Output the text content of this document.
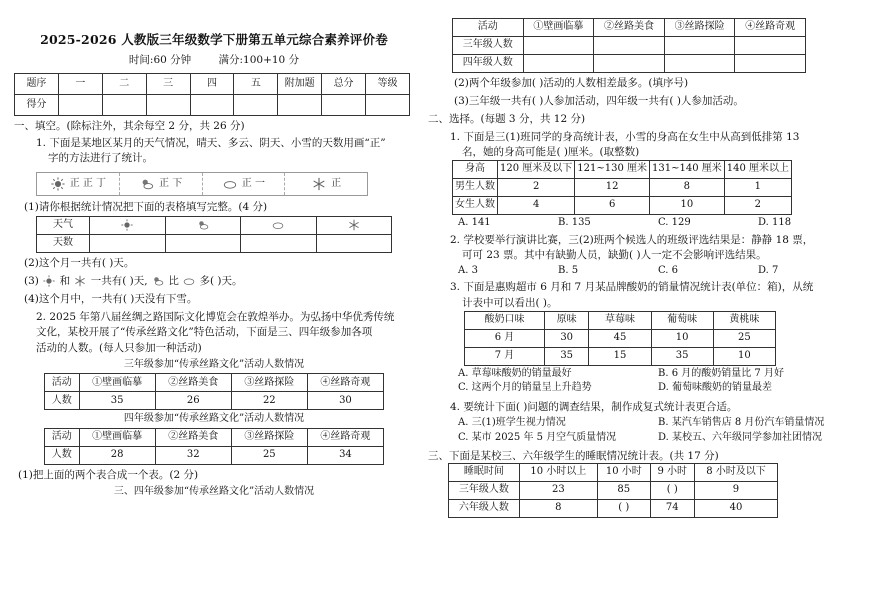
2025-2026 人教版三年级数学下册第五单元综合素养评价卷
时间:60 分钟	满分:100+10 分
题序	一	二	三	四	五	附加题	总分	等级
得分								
一、填空。(除标注外，其余每空 2 分，共 26 分)
1. 下面是某地区某月的天气情况，晴天、多云、阴天、小雪的天数用画“正”
字的方法进行了统计。
正 正 丁	正 下	正 一	正
(1)请你根据统计情况把下面的表格填写完整。(4 分)
天气				
天数				
(2)这个月一共有( )天。
(3) 和 一共有( )天, 比 多( )天。
(4)这个月中，一共有( )天没有下雪。
2. 2025 年第八届丝绸之路国际文化博览会在敦煌举办。为弘扬中华优秀传统
文化，某校开展了“传承丝路文化”特色活动，下面是三、四年级参加各项
活动的人数。(每人只参加一种活动)
三年级参加“传承丝路文化”活动人数情况
活动	①壁画临摹	②丝路美食	③丝路探险	④丝路奇观
人数	35	26	22	30
四年级参加“传承丝路文化”活动人数情况
活动	①壁画临摹	②丝路美食	③丝路探险	④丝路奇观
人数	28	32	25	34
(1)把上面的两个表合成一个表。(2 分)
三、四年级参加“传承丝路文化”活动人数情况
活动	①壁画临摹	②丝路美食	③丝路探险	④丝路奇观
三年级人数				
四年级人数				
(2)两个年级参加( )活动的人数相差最多。(填序号)
(3)三年级一共有( )人参加活动，四年级一共有( )人参加活动。
二、选择。(每题 3 分，共 12 分)
1. 下面是三(1)班同学的身高统计表，小雪的身高在女生中从高到低排第 13
名，她的身高可能是( )厘米。(取整数)
身高	120 厘米及以下	121~130 厘米	131~140 厘米	140 厘米以上
男生人数	2	12	8	1
女生人数	4	6	10	2
A. 141	B. 135	C. 129	D. 118
2. 学校要举行演讲比赛，三(2)班两个候选人的班级评选结果是：静静 18 票，
可可 23 票。其中有缺勤人员，缺勤( )人一定不会影响评选结果。
A. 3	B. 5	C. 6	D. 7
3. 下面是惠购超市 6 月和 7 月某品牌酸奶的销量情况统计表(单位：箱)，从统
计表中可以看出( )。
酸奶口味	原味	草莓味	葡萄味	黄桃味
6 月	30	45	10	25
7 月	35	15	35	10
A. 草莓味酸奶的销量最好	B. 6 月的酸奶销量比 7 月好
C. 这两个月的销量呈上升趋势	D. 葡萄味酸奶的销量最差
4. 要统计下面( )问题的调查结果，制作成复式统计表更合适。
A. 三(1)班学生视力情况	B. 某汽车销售店 8 月份汽车销量情况
C. 某市 2025 年 5 月空气质量情况	D. 某校五、六年级同学参加社团情况
三、下面是某校三、六年级学生的睡眠情况统计表。(共 17 分)
睡眠时间	10 小时以上	10 小时	9 小时	8 小时及以下
三年级人数	23	85	( )	9
六年级人数	8	( )	74	40
